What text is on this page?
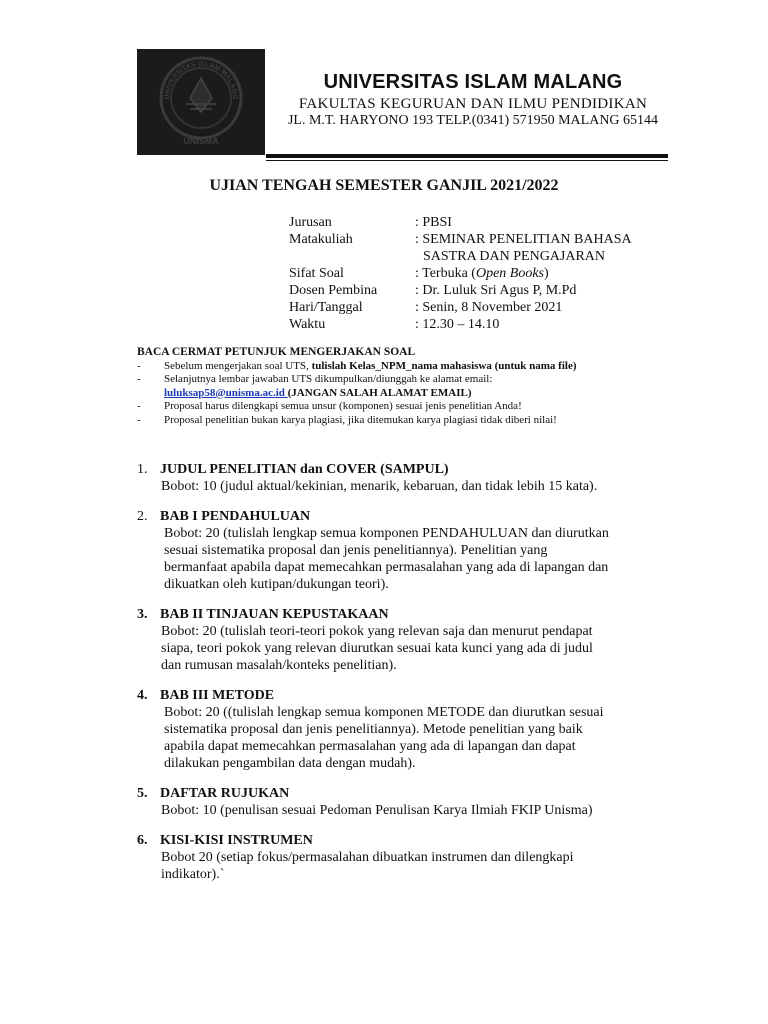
UNIVERSITAS ISLAM MALANG
UNISMA
UNIVERSITAS ISLAM MALANG
FAKULTAS KEGURUAN DAN ILMU PENDIDIKAN
JL. M.T. HARYONO 193 TELP.(0341) 571950 MALANG 65144
UJIAN TENGAH SEMESTER GANJIL 2021/2022
Jurusan	: PBSI
Matakuliah	: SEMINAR PENELITIAN BAHASA
SASTRA DAN PENGAJARAN
Sifat Soal	: Terbuka (Open Books)
Dosen Pembina	: Dr. Luluk Sri Agus P, M.Pd
Hari/Tanggal	: Senin, 8 November 2021
Waktu	: 12.30 – 14.10
BACA CERMAT PETUNJUK MENGERJAKAN SOAL
-	Sebelum mengerjakan soal UTS, tulislah Kelas_NPM_nama mahasiswa (untuk nama file)
-	Selanjutnya lembar jawaban UTS dikumpulkan/diunggah ke alamat email:
luluksap58@unisma.ac.id (JANGAN SALAH ALAMAT EMAIL)
-	Proposal harus dilengkapi semua unsur (komponen) sesuai jenis penelitian Anda!
-	Proposal penelitian bukan karya plagiasi, jika ditemukan karya plagiasi tidak diberi nilai!
1. JUDUL PENELITIAN dan COVER (SAMPUL)
Bobot: 10 (judul aktual/kekinian, menarik, kebaruan, dan tidak lebih 15 kata).
2. BAB I PENDAHULUAN
Bobot: 20 (tulislah lengkap semua komponen PENDAHULUAN dan diurutkan
sesuai sistematika proposal dan jenis penelitiannya). Penelitian yang
bermanfaat apabila dapat memecahkan permasalahan yang ada di lapangan dan
dikuatkan oleh kutipan/dukungan teori).
3. BAB II TINJAUAN KEPUSTAKAAN
Bobot: 20 (tulislah teori-teori pokok yang relevan saja dan menurut pendapat
siapa, teori pokok yang relevan diurutkan sesuai kata kunci yang ada di judul
dan rumusan masalah/konteks penelitian).
4. BAB III METODE
Bobot: 20 ((tulislah lengkap semua komponen METODE dan diurutkan sesuai
sistematika proposal dan jenis penelitiannya). Metode penelitian yang baik
apabila dapat memecahkan permasalahan yang ada di lapangan dan dapat
dilakukan pengambilan data dengan mudah).
5. DAFTAR RUJUKAN
Bobot: 10 (penulisan sesuai Pedoman Penulisan Karya Ilmiah FKIP Unisma)
6. KISI-KISI INSTRUMEN
Bobot 20 (setiap fokus/permasalahan dibuatkan instrumen dan dilengkapi
indikator).`
